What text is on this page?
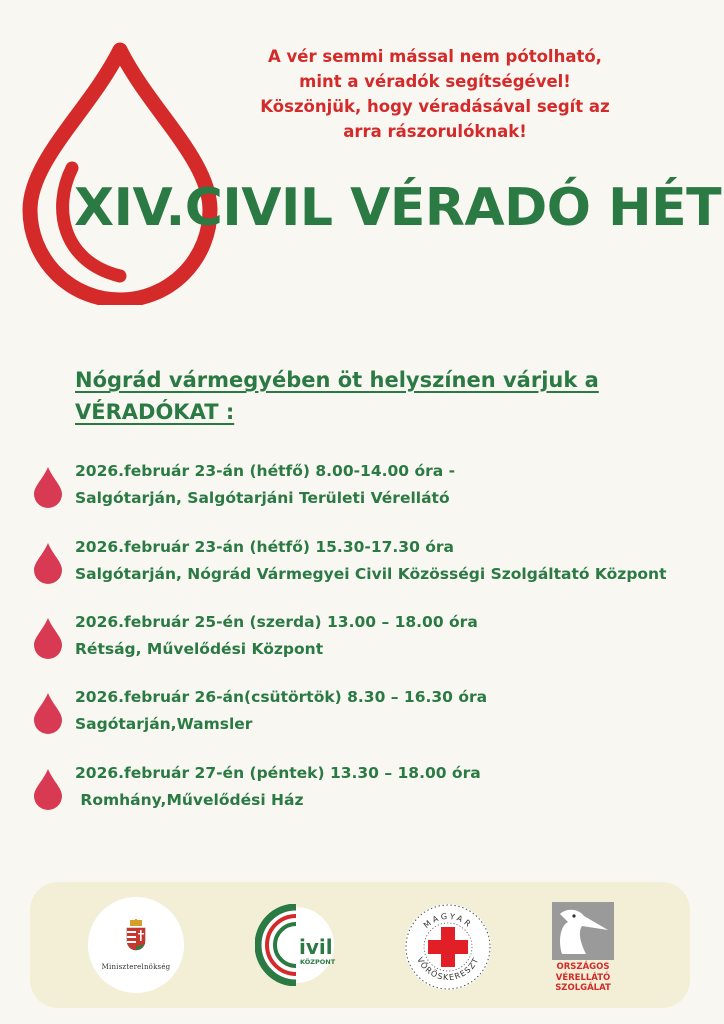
A vér semmi mással nem pótolható,
mint a véradók segítségével!
Köszönjük, hogy véradásával segít az
arra rászorulóknak!
XIV.CIVIL VÉRADÓ HÉT
Nógrád vármegyében öt helyszínen várjuk a
VÉRADÓKAT :
2026.február 23-án (hétfő) 8.00-14.00 óra -
Salgótarján, Salgótarjáni Területi Vérellátó
2026.február 23-án (hétfő) 15.30-17.30 óra
Salgótarján, Nógrád Vármegyei Civil Közösségi Szolgáltató Központ
2026.február 25-én (szerda) 13.00 – 18.00 óra
Rétság, Művelődési Központ
2026.február 26-án(csütörtök) 8.30 – 16.30 óra
Sagótarján,Wamsler
2026.február 27-én (péntek) 13.30 – 18.00 óra
Romhány,Művelődési Ház
Miniszterelnökség
ivil
KÖZPONT
MAGYAR
VÖRÖSKERESZT
ORSZÁGOS
VÉRELLÁTÓ
SZOLGÁLAT
